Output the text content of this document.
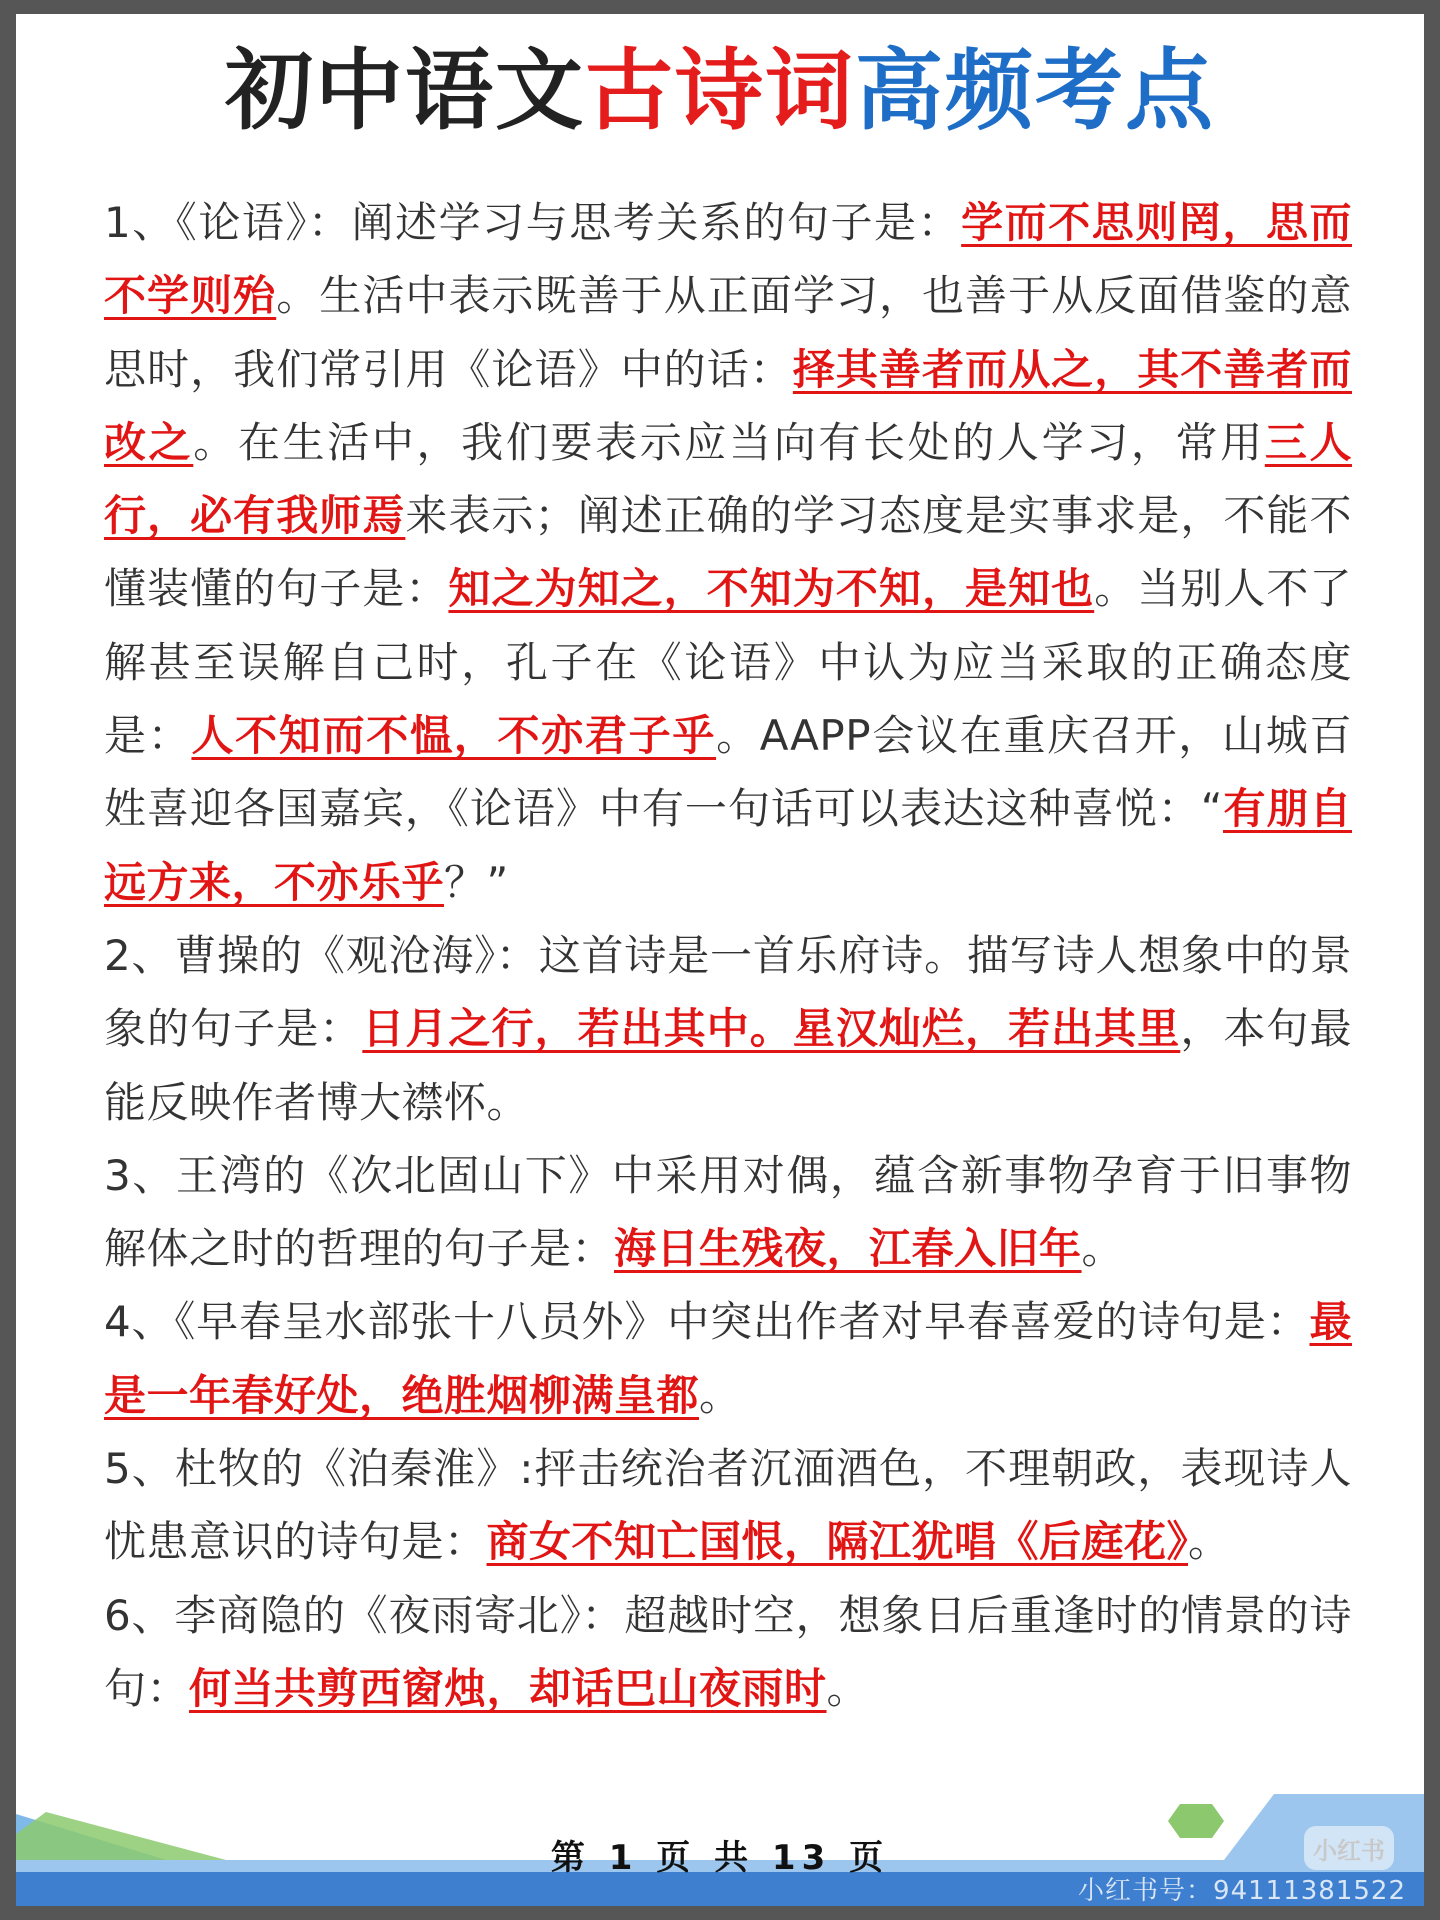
初中语文古诗词高频考点

1、《论语》：阐述学习与思考关系的句子是：学而不思则罔，思而不学则殆。生活中表示既善于从正面学习，也善于从反面借鉴的意思时，我们常引用《论语》中的话：择其善者而从之，其不善者而改之。在生活中，我们要表示应当向有长处的人学习，常用三人行，必有我师焉来表示；阐述正确的学习态度是实事求是，不能不懂装懂的句子是：知之为知之，不知为不知，是知也。当别人不了解甚至误解自己时，孔子在《论语》中认为应当采取的正确态度是：人不知而不愠，不亦君子乎。AAPP会议在重庆召开，山城百姓喜迎各国嘉宾，《论语》中有一句话可以表达这种喜悦：“有朋自远方来，不亦乐乎？”

2、曹操的《观沧海》：这首诗是一首乐府诗。描写诗人想象中的景象的句子是：日月之行，若出其中。星汉灿烂，若出其里，本句最能反映作者博大襟怀。

3、王湾的《次北固山下》中采用对偶，蕴含新事物孕育于旧事物解体之时的哲理的句子是：海日生残夜，江春入旧年。

4、《早春呈水部张十八员外》中突出作者对早春喜爱的诗句是：最是一年春好处，绝胜烟柳满皇都。

5、杜牧的《泊秦淮》:抨击统治者沉湎酒色，不理朝政，表现诗人忧患意识的诗句是：商女不知亡国恨，隔江犹唱《后庭花》。

6、李商隐的《夜雨寄北》：超越时空，想象日后重逢时的情景的诗句：何当共剪西窗烛，却话巴山夜雨时。

第 1 页 共 13 页	小红书
小红书号：94111381522
